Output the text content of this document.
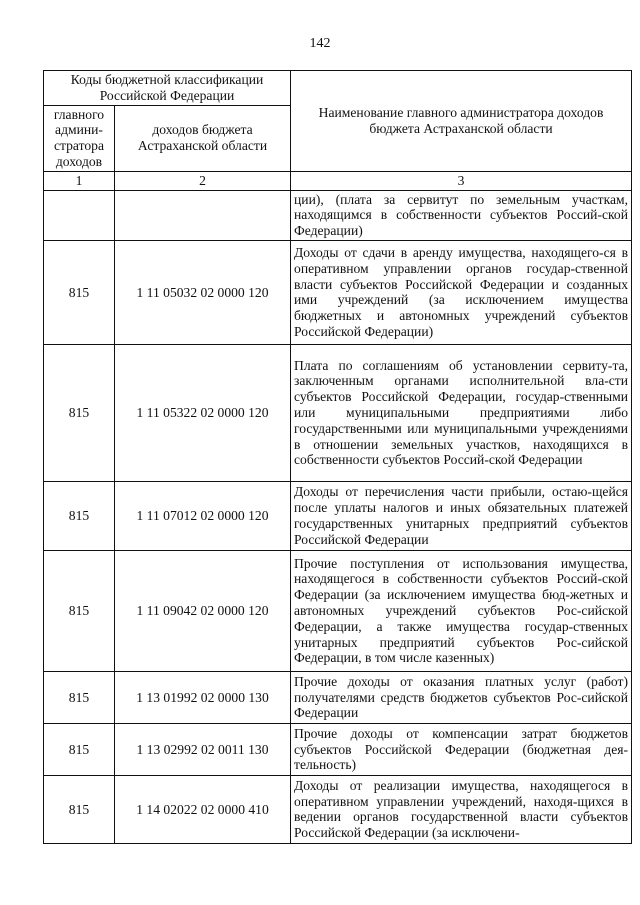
142
Коды бюджетной классификации Российской Федерации		Наименование главного администратора доходов бюджета Астраханской области
главного админи-стратора доходов	доходов бюджета Астраханской области	
1	2	3
		ции), (плата за сервитут по земельным участкам, находящимся в собственности субъектов Россий-ской Федерации)
815	1 11 05032 02 0000 120	Доходы от сдачи в аренду имущества, находящего-ся в оперативном управлении органов государ-ственной власти субъектов Российской Федерации и созданных ими учреждений (за исключением имущества бюджетных и автономных учреждений субъектов Российской Федерации)
815	1 11 05322 02 0000 120	Плата по соглашениям об установлении сервиту-та, заключенным органами исполнительной вла-сти субъектов Российской Федерации, государ-ственными или муниципальными предприятиями либо государственными или муниципальными учреждениями в отношении земельных участков, находящихся в собственности субъектов Россий-ской Федерации
815	1 11 07012 02 0000 120	Доходы от перечисления части прибыли, остаю-щейся после уплаты налогов и иных обязательных платежей государственных унитарных предприятий субъектов Российской Федерации
815	1 11 09042 02 0000 120	Прочие поступления от использования имущества, находящегося в собственности субъектов Россий-ской Федерации (за исключением имущества бюд-жетных и автономных учреждений субъектов Рос-сийской Федерации, а также имущества государ-ственных унитарных предприятий субъектов Рос-сийской Федерации, в том числе казенных)
815	1 13 01992 02 0000 130	Прочие доходы от оказания платных услуг (работ) получателями средств бюджетов субъектов Рос-сийской Федерации
815	1 13 02992 02 0011 130	Прочие доходы от компенсации затрат бюджетов субъектов Российской Федерации (бюджетная дея-тельность)
815	1 14 02022 02 0000 410	Доходы от реализации имущества, находящегося в оперативном управлении учреждений, находя-щихся в ведении органов государственной власти субъектов Российской Федерации (за исключени-
